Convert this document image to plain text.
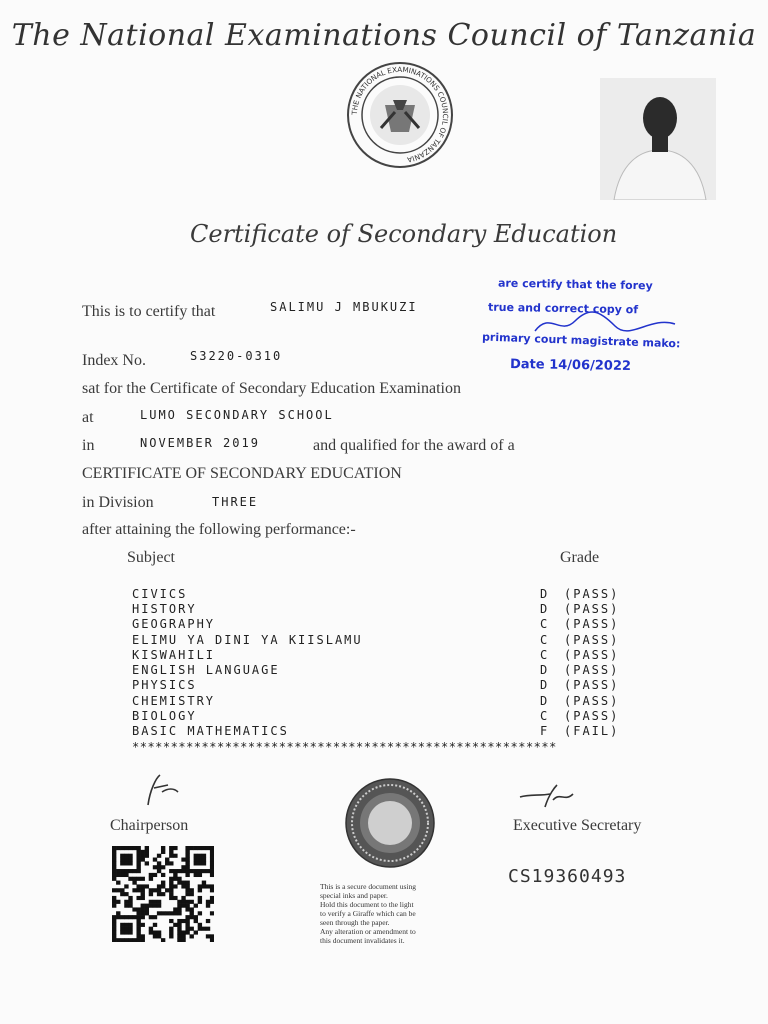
The National Examinations Council of Tanzania
THE NATIONAL EXAMINATIONS COUNCIL OF TANZANIA
Certificate of Secondary Education
This is to certify that	SALIMU J MBUKUZI
are certify that the forey
true and correct copy of
primary court magistrate mako:
Date 14/06/2022
Index No.	S3220-0310
sat for the Certificate of Secondary Education Examination
at	LUMO SECONDARY SCHOOL
in	NOVEMBER 2019	and qualified for the award of a
CERTIFICATE OF SECONDARY EDUCATION
in Division	THREE
after attaining the following performance:-
Subject	Grade
CIVICS	D	(PASS)
HISTORY	D	(PASS)
GEOGRAPHY	C	(PASS)
ELIMU YA DINI YA KIISLAMU	C	(PASS)
KISWAHILI	C	(PASS)
ENGLISH LANGUAGE	D	(PASS)
PHYSICS	D	(PASS)
CHEMISTRY	D	(PASS)
BIOLOGY	C	(PASS)
BASIC MATHEMATICS	F	(FAIL)
*******************************************************
Chairperson	Executive Secretary
This is a secure document using
special inks and paper.
Hold this document to the light
to verify a Giraffe which can be
seen through the paper.
Any alteration or amendment to
this document invalidates it.
CS19360493
